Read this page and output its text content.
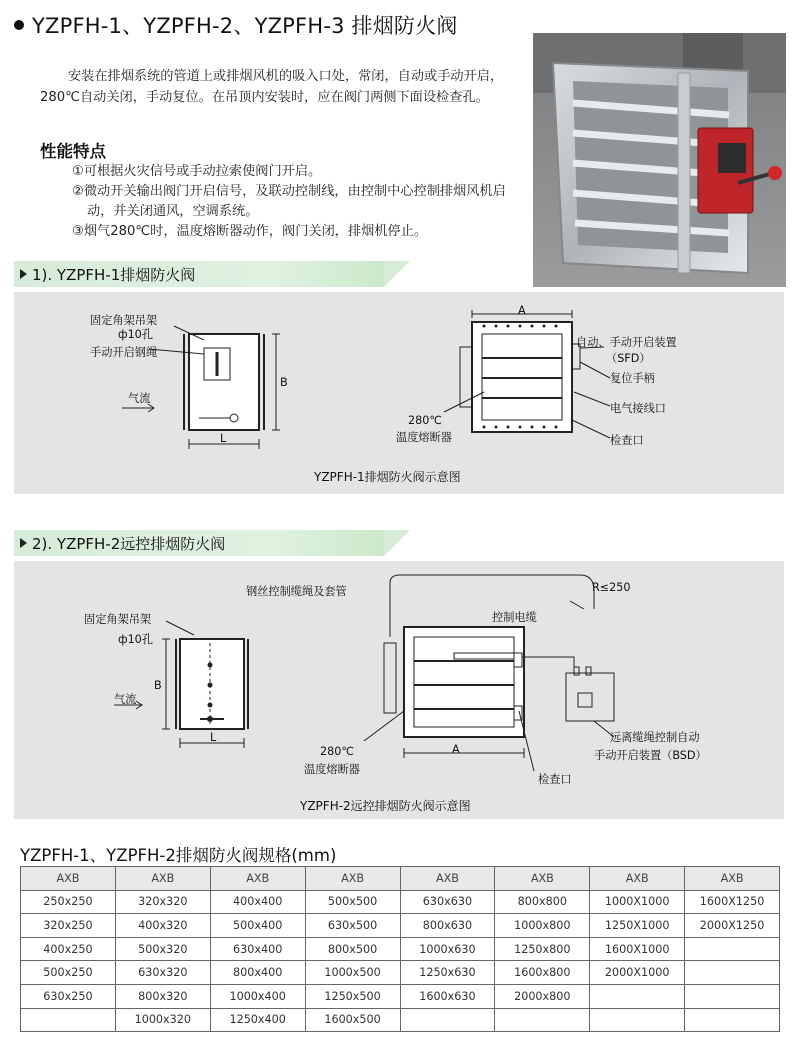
YZPFH-1、YZPFH-2、YZPFH-3 排烟防火阀
安装在排烟系统的管道上或排烟风机的吸入口处，常闭，自动或手动开启，280℃自动关闭，手动复位。在吊顶内安装时，应在阀门两侧下面设检查孔。
性能特点
①可根据火灾信号或手动拉索使阀门开启。
②微动开关输出阀门开启信号，及联动控制线，由控制中心控制排烟风机启动，并关闭通风，空调系统。
③烟气280℃时，温度熔断器动作，阀门关闭，排烟机停止。
1). YZPFH-1排烟防火阀
固定角架吊架
ф10孔
手动开启钢绳
气流
B
L
A
280℃
温度熔断器
自动、手动开启装置
（SFD）
复位手柄
电气接线口
检查口
YZPFH-1排烟防火阀示意图
2). YZPFH-2远控排烟防火阀
钢丝控制缆绳及套管	R≤250
固定角架吊架
ф10孔
B
气流
L
控制电缆
A
280℃
温度熔断器
远离缆绳控制自动
手动开启装置（BSD）
检查口
YZPFH-2远控排烟防火阀示意图
YZPFH-1、YZPFH-2排烟防火阀规格(mm)
AXB	AXB	AXB	AXB	AXB	AXB	AXB	AXB
250x250	320x320	400x400	500x500	630x630	800x800	1000X1000	1600X1250
320x250	400x320	500x400	630x500	800x630	1000x800	1250X1000	2000X1250
400x250	500x320	630x400	800x500	1000x630	1250x800	1600X1000	
500x250	630x320	800x400	1000x500	1250x630	1600x800	2000X1000	
630x250	800x320	1000x400	1250x500	1600x630	2000x800		
	1000x320	1250x400	1600x500				
